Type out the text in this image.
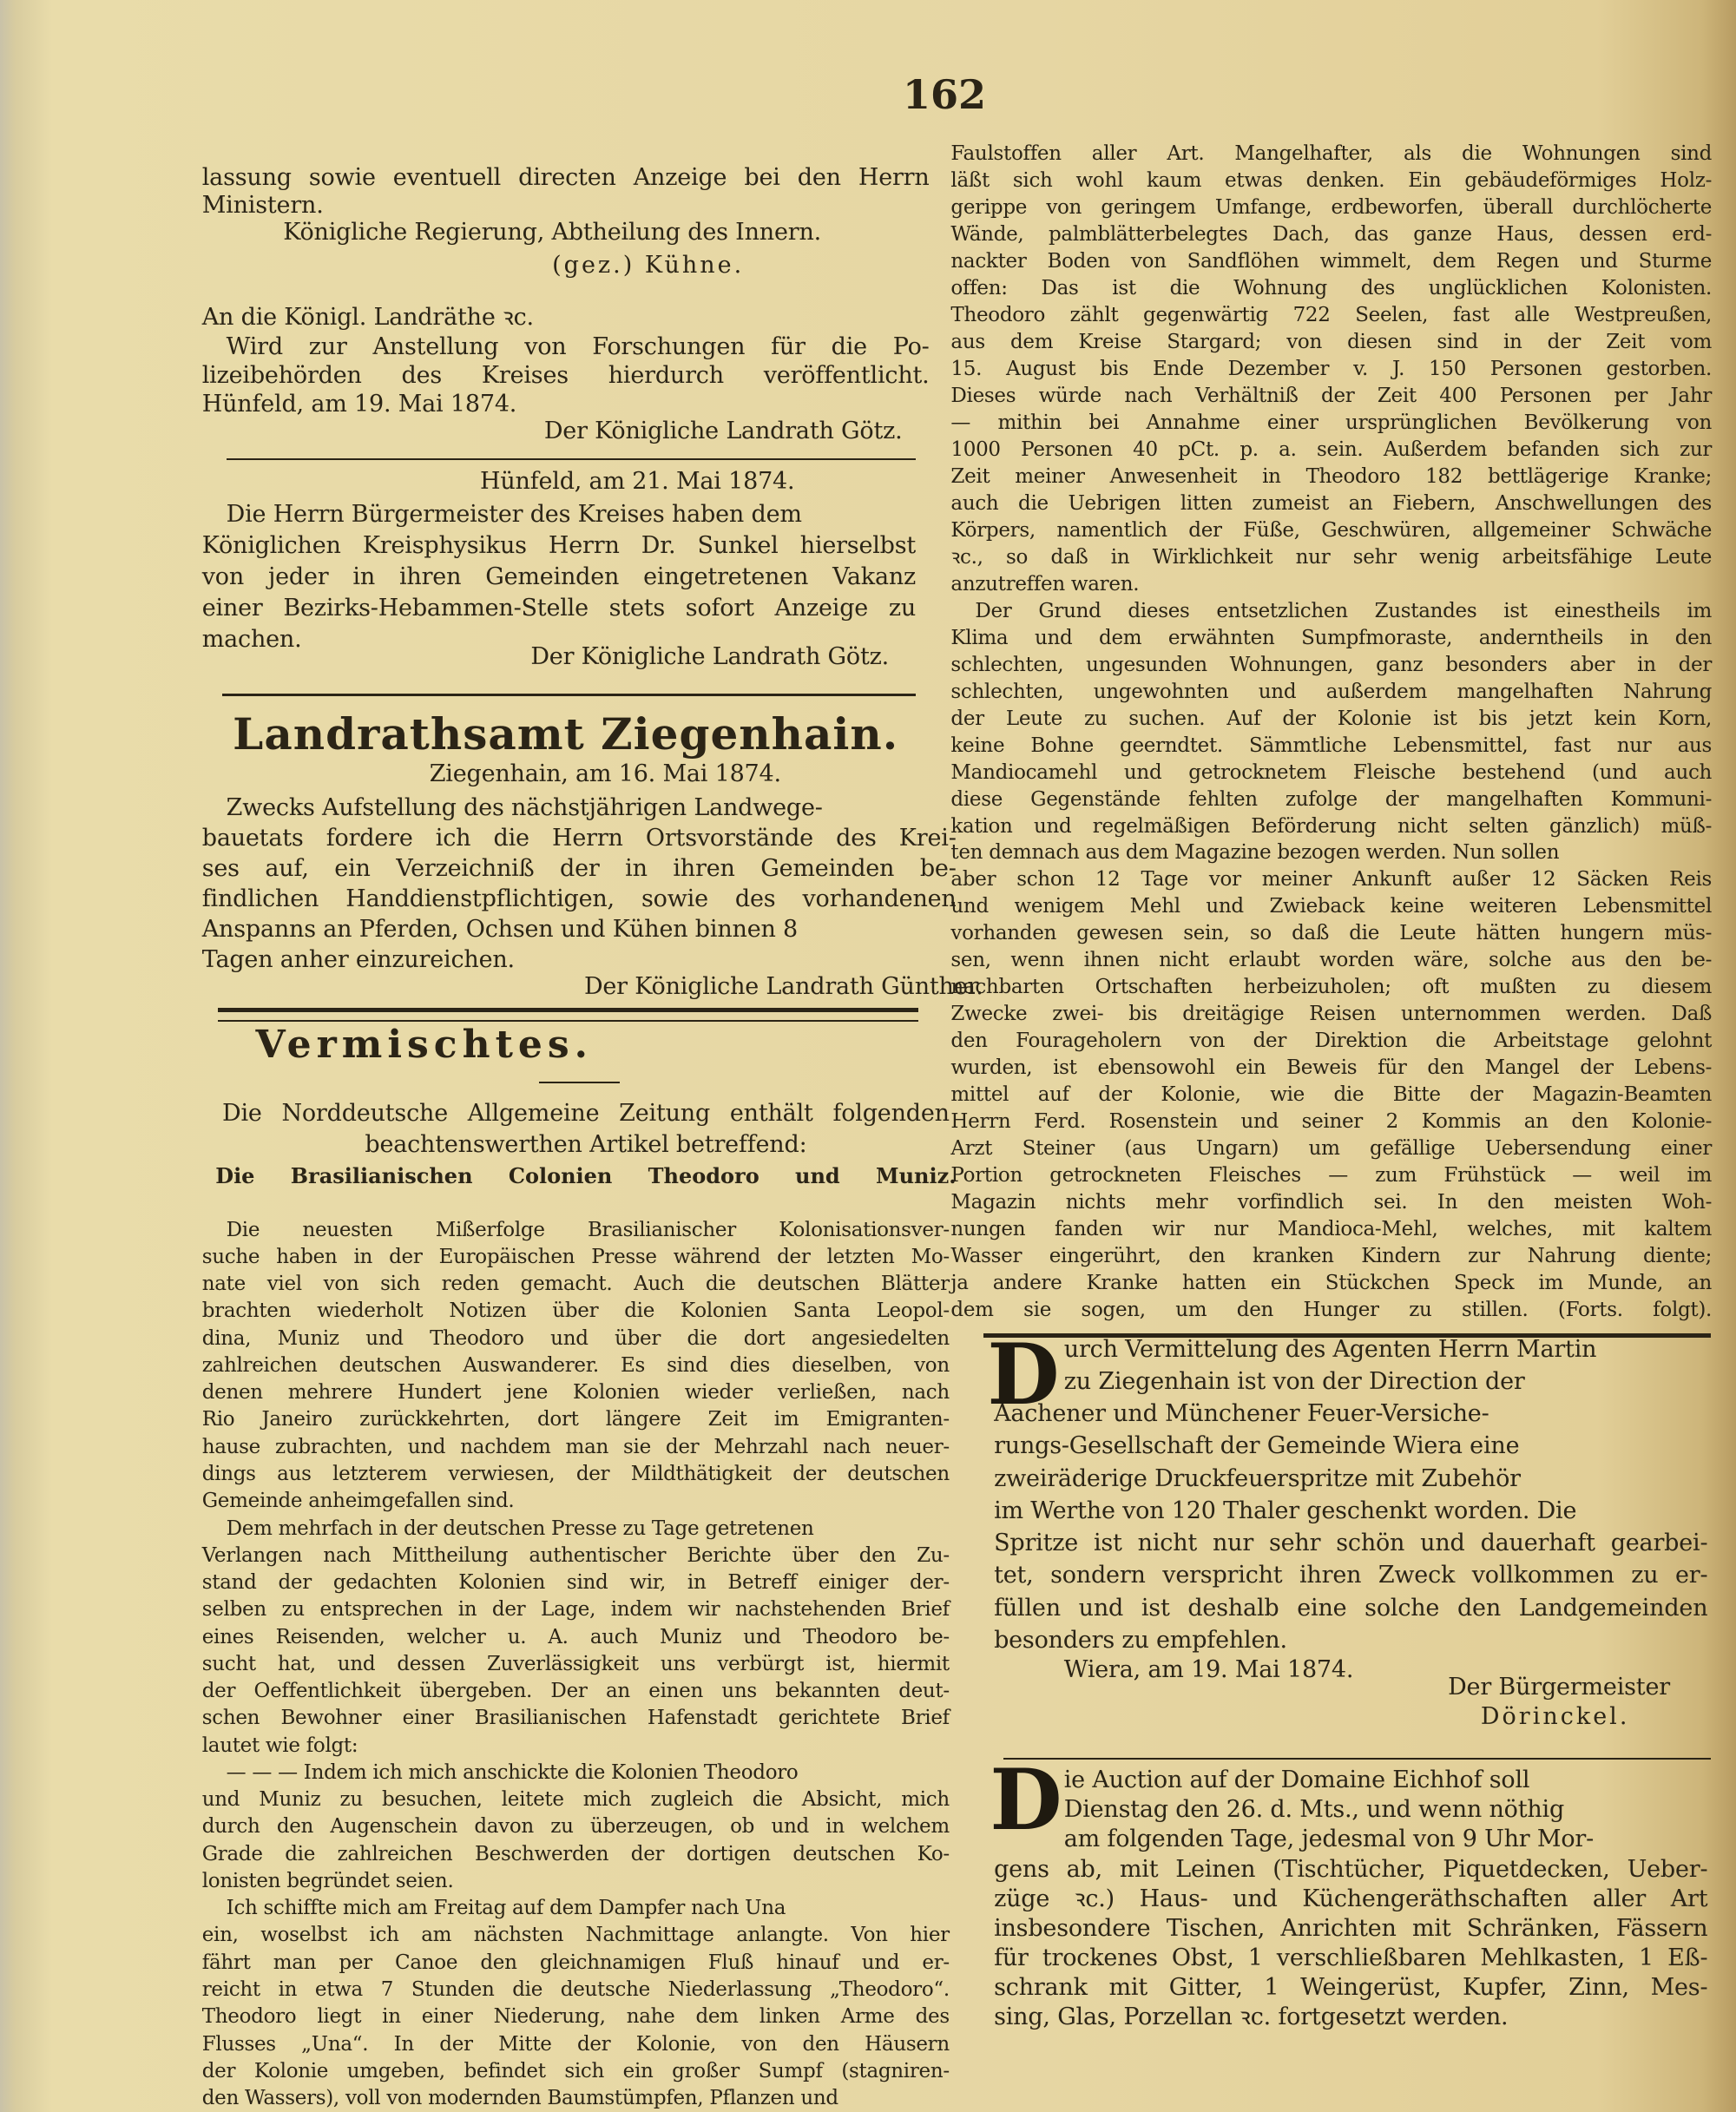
162
lassung sowie eventuell directen Anzeige bei den Herrn
Ministern.
Königliche Regierung, Abtheilung des Innern.
(gez.) Kühne.
An die Königl. Landräthe ꝛc.
Wird zur Anstellung von Forschungen für die Po-
lizeibehörden des Kreises hierdurch veröffentlicht.
Hünfeld, am 19. Mai 1874.
Der Königliche Landrath Götz.
Hünfeld, am 21. Mai 1874.
Die Herrn Bürgermeister des Kreises haben dem
Königlichen Kreisphysikus Herrn Dr. Sunkel hierselbst
von jeder in ihren Gemeinden eingetretenen Vakanz
einer Bezirks-Hebammen-Stelle stets sofort Anzeige zu
machen.
Der Königliche Landrath Götz.
Landrathsamt Ziegenhain.
Ziegenhain, am 16. Mai 1874.
Zwecks Aufstellung des nächstjährigen Landwege-
bauetats fordere ich die Herrn Ortsvorstände des Krei-
ses auf, ein Verzeichniß der in ihren Gemeinden be-
findlichen Handdienstpflichtigen, sowie des vorhandenen
Anspanns an Pferden, Ochsen und Kühen binnen 8
Tagen anher einzureichen.
Der Königliche Landrath Günther.
Vermischtes.
Die Norddeutsche Allgemeine Zeitung enthält folgenden
beachtenswerthen Artikel betreffend:
Die Brasilianischen Colonien Theodoro und Muniz.
Die neuesten Mißerfolge Brasilianischer Kolonisationsver-
suche haben in der Europäischen Presse während der letzten Mo-
nate viel von sich reden gemacht. Auch die deutschen Blätter
brachten wiederholt Notizen über die Kolonien Santa Leopol-
dina, Muniz und Theodoro und über die dort angesiedelten
zahlreichen deutschen Auswanderer. Es sind dies dieselben, von
denen mehrere Hundert jene Kolonien wieder verließen, nach
Rio Janeiro zurückkehrten, dort längere Zeit im Emigranten-
hause zubrachten, und nachdem man sie der Mehrzahl nach neuer-
dings aus letzterem verwiesen, der Mildthätigkeit der deutschen
Gemeinde anheimgefallen sind.
Dem mehrfach in der deutschen Presse zu Tage getretenen
Verlangen nach Mittheilung authentischer Berichte über den Zu-
stand der gedachten Kolonien sind wir, in Betreff einiger der-
selben zu entsprechen in der Lage, indem wir nachstehenden Brief
eines Reisenden, welcher u. A. auch Muniz und Theodoro be-
sucht hat, und dessen Zuverlässigkeit uns verbürgt ist, hiermit
der Oeffentlichkeit übergeben. Der an einen uns bekannten deut-
schen Bewohner einer Brasilianischen Hafenstadt gerichtete Brief
lautet wie folgt:
— — — Indem ich mich anschickte die Kolonien Theodoro
und Muniz zu besuchen, leitete mich zugleich die Absicht, mich
durch den Augenschein davon zu überzeugen, ob und in welchem
Grade die zahlreichen Beschwerden der dortigen deutschen Ko-
lonisten begründet seien.
Ich schiffte mich am Freitag auf dem Dampfer nach Una
ein, woselbst ich am nächsten Nachmittage anlangte. Von hier
fährt man per Canoe den gleichnamigen Fluß hinauf und er-
reicht in etwa 7 Stunden die deutsche Niederlassung „Theodoro“.
Theodoro liegt in einer Niederung, nahe dem linken Arme des
Flusses „Una“. In der Mitte der Kolonie, von den Häusern
der Kolonie umgeben, befindet sich ein großer Sumpf (stagniren-
den Wassers), voll von modernden Baumstümpfen, Pflanzen und
Faulstoffen aller Art. Mangelhafter, als die Wohnungen sind
läßt sich wohl kaum etwas denken. Ein gebäudeförmiges Holz-
gerippe von geringem Umfange, erdbeworfen, überall durchlöcherte
Wände, palmblätterbelegtes Dach, das ganze Haus, dessen erd-
nackter Boden von Sandflöhen wimmelt, dem Regen und Sturme
offen: Das ist die Wohnung des unglücklichen Kolonisten.
Theodoro zählt gegenwärtig 722 Seelen, fast alle Westpreußen,
aus dem Kreise Stargard; von diesen sind in der Zeit vom
15. August bis Ende Dezember v. J. 150 Personen gestorben.
Dieses würde nach Verhältniß der Zeit 400 Personen per Jahr
— mithin bei Annahme einer ursprünglichen Bevölkerung von
1000 Personen 40 pCt. p. a. sein. Außerdem befanden sich zur
Zeit meiner Anwesenheit in Theodoro 182 bettlägerige Kranke;
auch die Uebrigen litten zumeist an Fiebern, Anschwellungen des
Körpers, namentlich der Füße, Geschwüren, allgemeiner Schwäche
ꝛc., so daß in Wirklichkeit nur sehr wenig arbeitsfähige Leute
anzutreffen waren.
Der Grund dieses entsetzlichen Zustandes ist einestheils im
Klima und dem erwähnten Sumpfmoraste, anderntheils in den
schlechten, ungesunden Wohnungen, ganz besonders aber in der
schlechten, ungewohnten und außerdem mangelhaften Nahrung
der Leute zu suchen. Auf der Kolonie ist bis jetzt kein Korn,
keine Bohne geerndtet. Sämmtliche Lebensmittel, fast nur aus
Mandiocamehl und getrocknetem Fleische bestehend (und auch
diese Gegenstände fehlten zufolge der mangelhaften Kommuni-
kation und regelmäßigen Beförderung nicht selten gänzlich) müß-
ten demnach aus dem Magazine bezogen werden. Nun sollen
aber schon 12 Tage vor meiner Ankunft außer 12 Säcken Reis
und wenigem Mehl und Zwieback keine weiteren Lebensmittel
vorhanden gewesen sein, so daß die Leute hätten hungern müs-
sen, wenn ihnen nicht erlaubt worden wäre, solche aus den be-
nachbarten Ortschaften herbeizuholen; oft mußten zu diesem
Zwecke zwei- bis dreitägige Reisen unternommen werden. Daß
den Fourageholern von der Direktion die Arbeitstage gelohnt
wurden, ist ebensowohl ein Beweis für den Mangel der Lebens-
mittel auf der Kolonie, wie die Bitte der Magazin-Beamten
Herrn Ferd. Rosenstein und seiner 2 Kommis an den Kolonie-
Arzt Steiner (aus Ungarn) um gefällige Uebersendung einer
Portion getrockneten Fleisches — zum Frühstück — weil im
Magazin nichts mehr vorfindlich sei. In den meisten Woh-
nungen fanden wir nur Mandioca-Mehl, welches, mit kaltem
Wasser eingerührt, den kranken Kindern zur Nahrung diente;
ja andere Kranke hatten ein Stückchen Speck im Munde, an
dem sie sogen, um den Hunger zu stillen. (Forts. folgt).
D urch Vermittelung des Agenten Herrn Martin
zu Ziegenhain ist von der Direction der
Aachener und Münchener Feuer-Versiche-
rungs-Gesellschaft der Gemeinde Wiera eine
zweiräderige Druckfeuerspritze mit Zubehör
im Werthe von 120 Thaler geschenkt worden. Die
Spritze ist nicht nur sehr schön und dauerhaft gearbei-
tet, sondern verspricht ihren Zweck vollkommen zu er-
füllen und ist deshalb eine solche den Landgemeinden
besonders zu empfehlen.
Wiera, am 19. Mai 1874.
Der Bürgermeister
Dörinckel.
D ie Auction auf der Domaine Eichhof soll
Dienstag den 26. d. Mts., und wenn nöthig
am folgenden Tage, jedesmal von 9 Uhr Mor-
gens ab, mit Leinen (Tischtücher, Piquetdecken, Ueber-
züge ꝛc.) Haus- und Küchengeräthschaften aller Art
insbesondere Tischen, Anrichten mit Schränken, Fässern
für trockenes Obst, 1 verschließbaren Mehlkasten, 1 Eß-
schrank mit Gitter, 1 Weingerüst, Kupfer, Zinn, Mes-
sing, Glas, Porzellan ꝛc. fortgesetzt werden.
